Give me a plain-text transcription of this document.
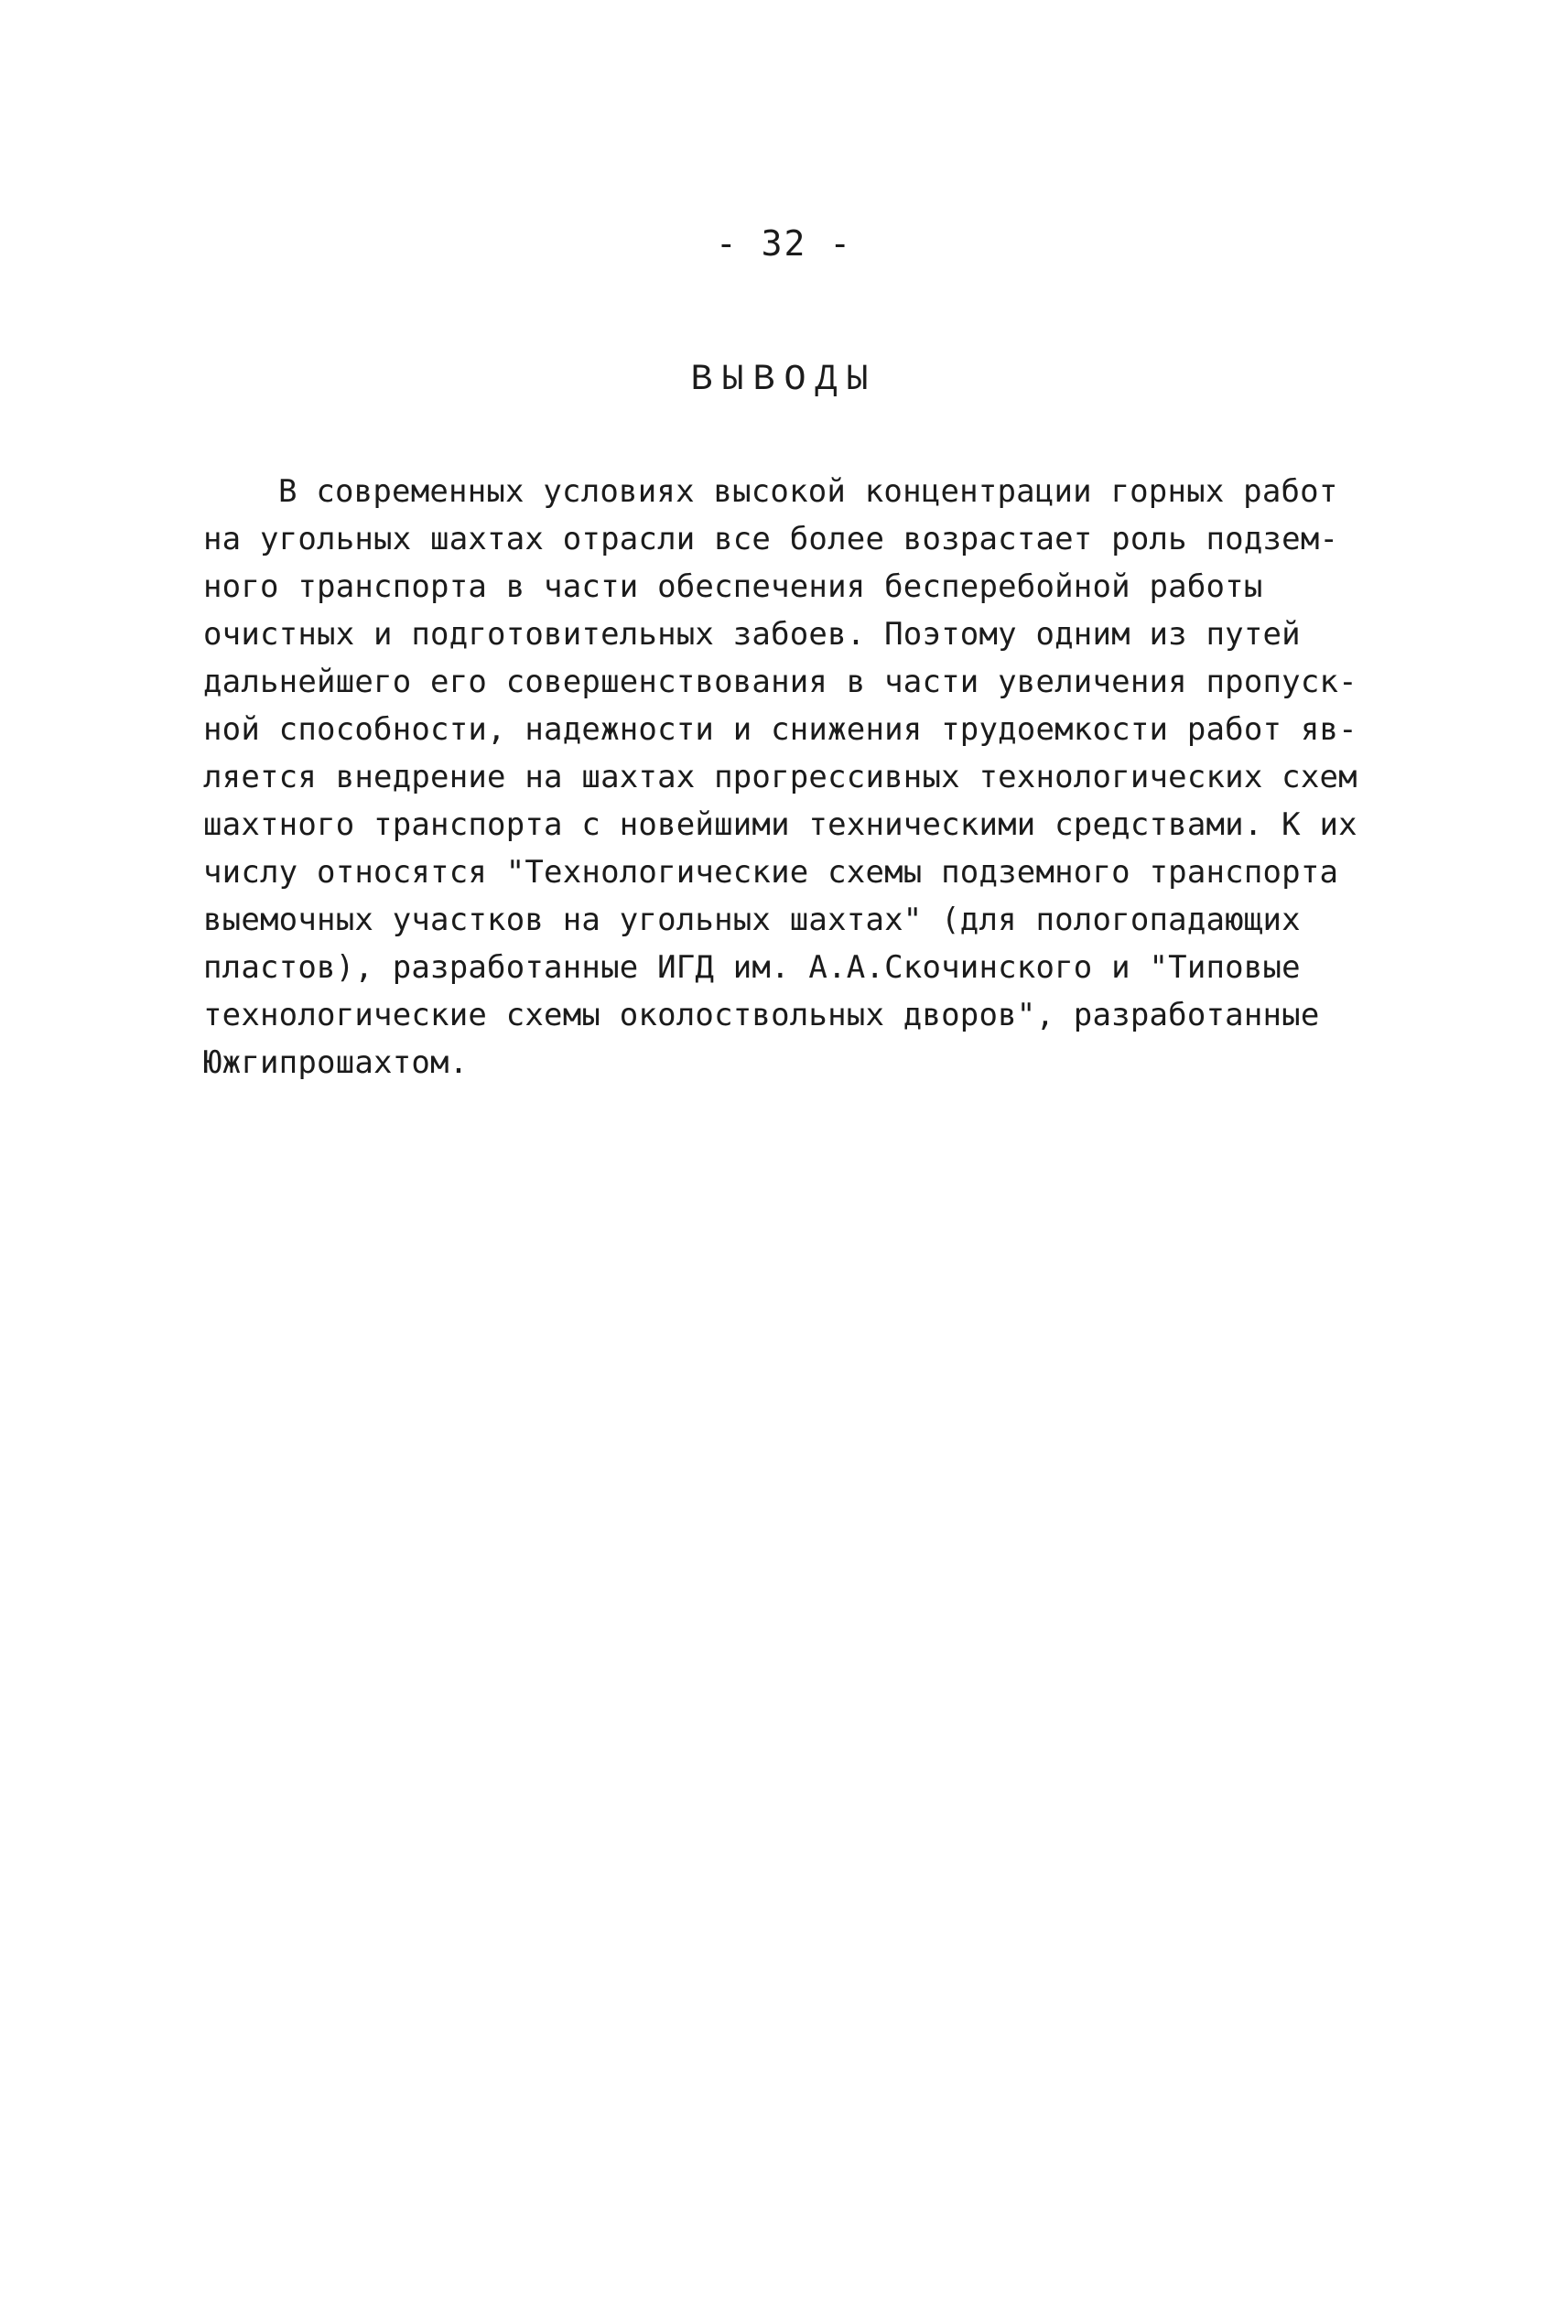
- 32 -
ВЫВОДЫ
В современных условиях высокой концентрации горных работ
на угольных шахтах отрасли все более возрастает роль подзем-
ного транспорта в части обеспечения бесперебойной работы
очистных и подготовительных забоев. Поэтому одним из путей
дальнейшего его совершенствования в части увеличения пропуск-
ной способности, надежности и снижения трудоемкости работ яв-
ляется внедрение на шахтах прогрессивных технологических схем
шахтного транспорта с новейшими техническими средствами. К их
числу относятся "Технологические схемы подземного транспорта
выемочных участков на угольных шахтах" (для пологопадающих
пластов), разработанные ИГД им. А.А.Скочинского и "Типовые
технологические схемы околоствольных дворов", разработанные
Южгипрошахтом.
